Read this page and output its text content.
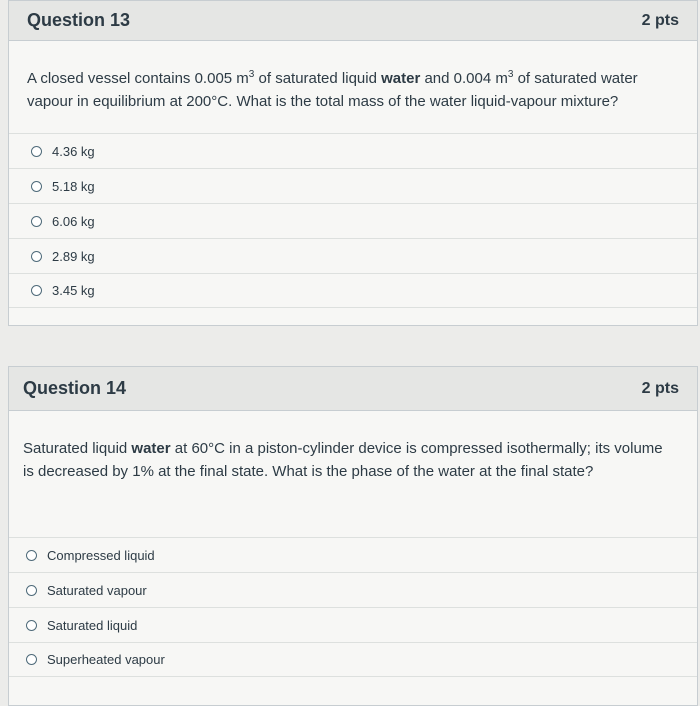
Question 13	2 pts
A closed vessel contains 0.005 $m^3$ of saturated liquid water and 0.004 $m^3$ of saturated water vapour in equilibrium at 200°C. What is the total mass of the water liquid-vapour mixture?
4.36 kg
5.18 kg
6.06 kg
2.89 kg
3.45 kg
Question 14	2 pts
Saturated liquid water at 60°C in a piston-cylinder device is compressed isothermally; its volume is decreased by 1% at the final state. What is the phase of the water at the final state?
Compressed liquid
Saturated vapour
Saturated liquid
Superheated vapour
